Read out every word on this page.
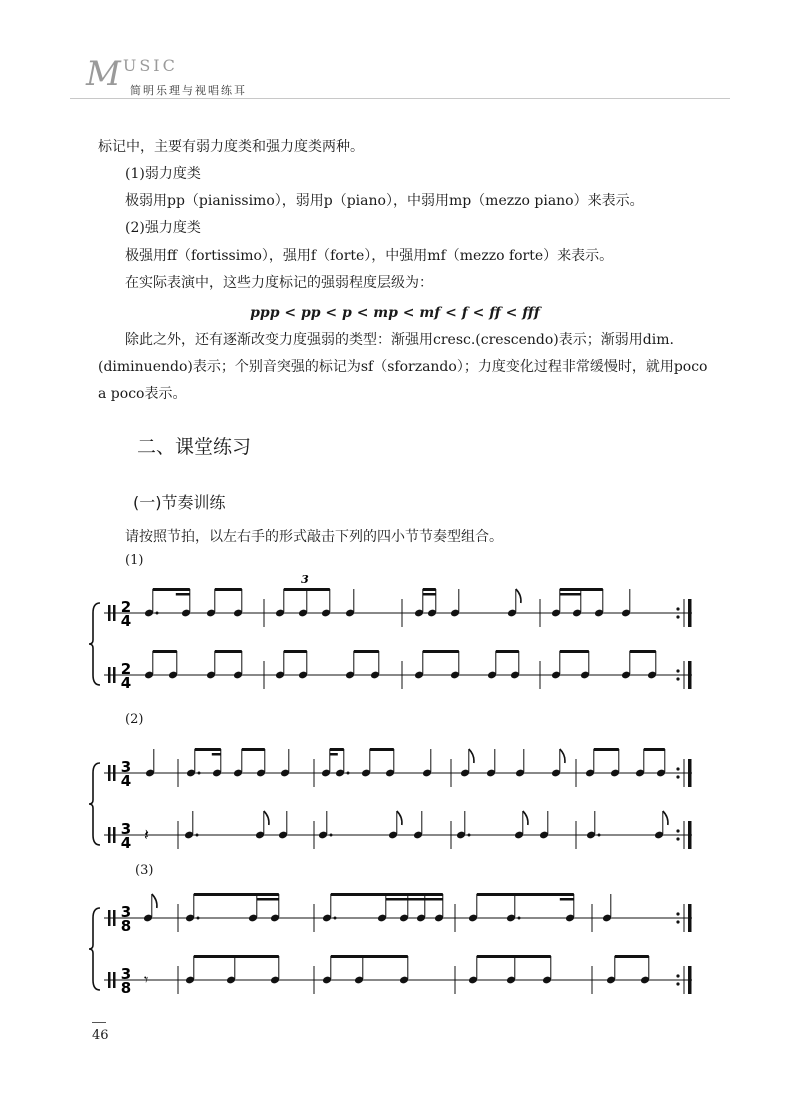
M $^{USIC}$
简明乐理与视唱练耳
标记中，主要有弱力度类和强力度类两种。
(1)弱力度类
极弱用pp（pianissimo），弱用p（piano），中弱用mp（mezzo piano）来表示。
(2)强力度类
极强用ff（fortissimo），强用f（forte），中强用mf（mezzo forte）来表示。
在实际表演中，这些力度标记的强弱程度层级为：
ppp < pp < p < mp < mf < f < ff < fff
除此之外，还有逐渐改变力度强弱的类型：渐强用cresc.(crescendo)表示；渐弱用dim.
(diminuendo)表示；个别音突强的标记为sf（sforzando）；力度变化过程非常缓慢时，就用poco
a poco表示。
二、课堂练习
(一)节奏训练
请按照节拍，以左右手的形式敲击下列的四小节节奏型组合。
(1)
(2)
(3)
2
4
2
4
3
3
4
3
4 𝄽
3
8
3
8 𝄾
46
